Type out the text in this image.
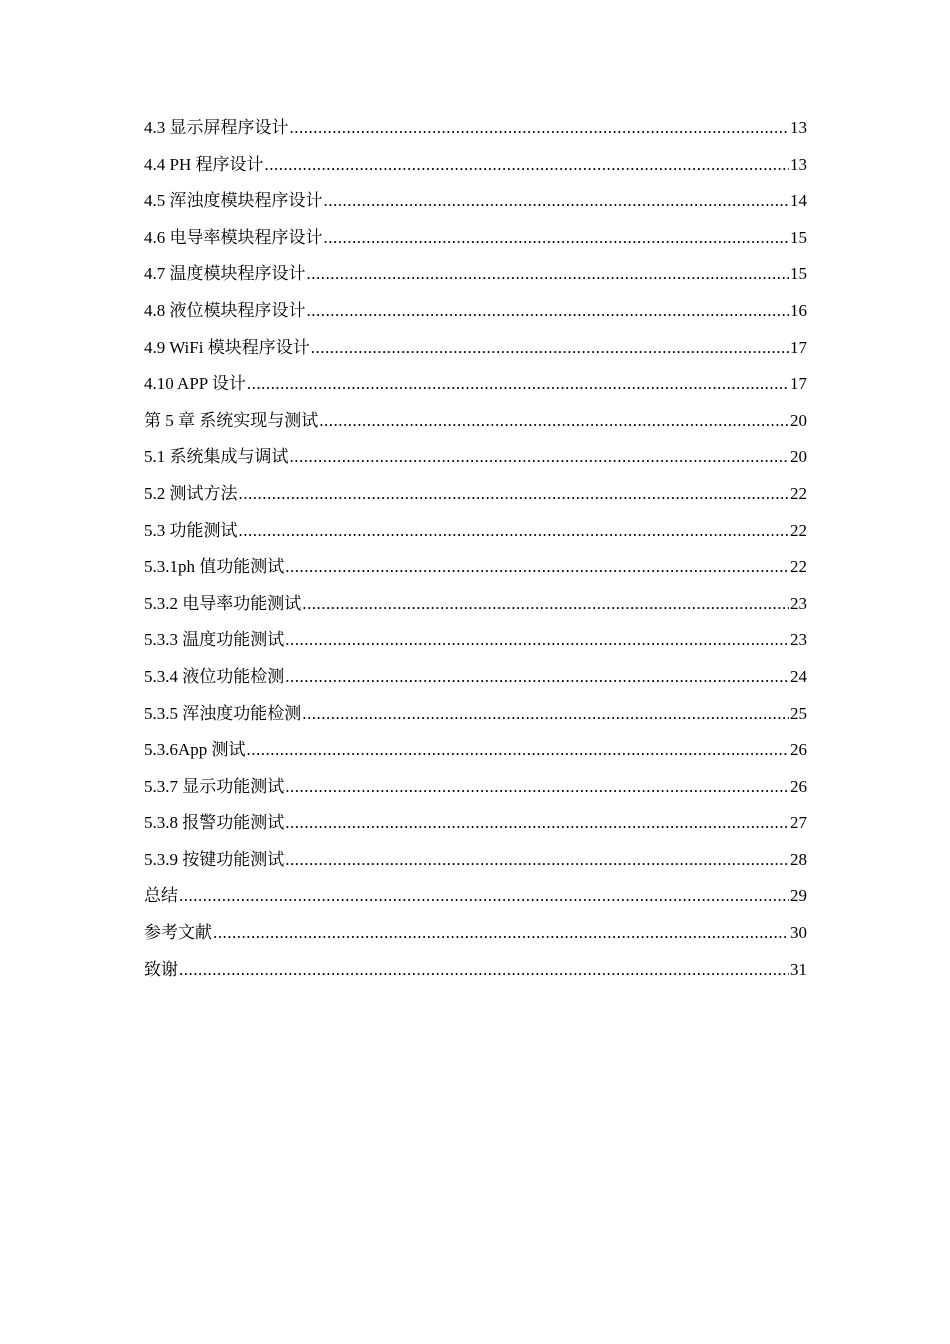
4.3 显示屏程序设计 .....	13
4.4 PH 程序设计 .....	13
4.5 浑浊度模块程序设计 .....	14
4.6 电导率模块程序设计 .....	15
4.7 温度模块程序设计 .....	15
4.8 液位模块程序设计 .....	16
4.9 WiFi 模块程序设计 .....	17
4.10 APP 设计 .....	17
第 5 章 系统实现与测试 .....	20
5.1 系统集成与调试 .....	20
5.2 测试方法 .....	22
5.3 功能测试 .....	22
5.3.1ph 值功能测试 .....	22
5.3.2 电导率功能测试 .....	23
5.3.3 温度功能测试 .....	23
5.3.4 液位功能检测 .....	24
5.3.5 浑浊度功能检测 .....	25
5.3.6App 测试 .....	26
5.3.7 显示功能测试 .....	26
5.3.8 报警功能测试 .....	27
5.3.9 按键功能测试 .....	28
总结 .....	29
参考文献 .....	30
致谢 .....	31
